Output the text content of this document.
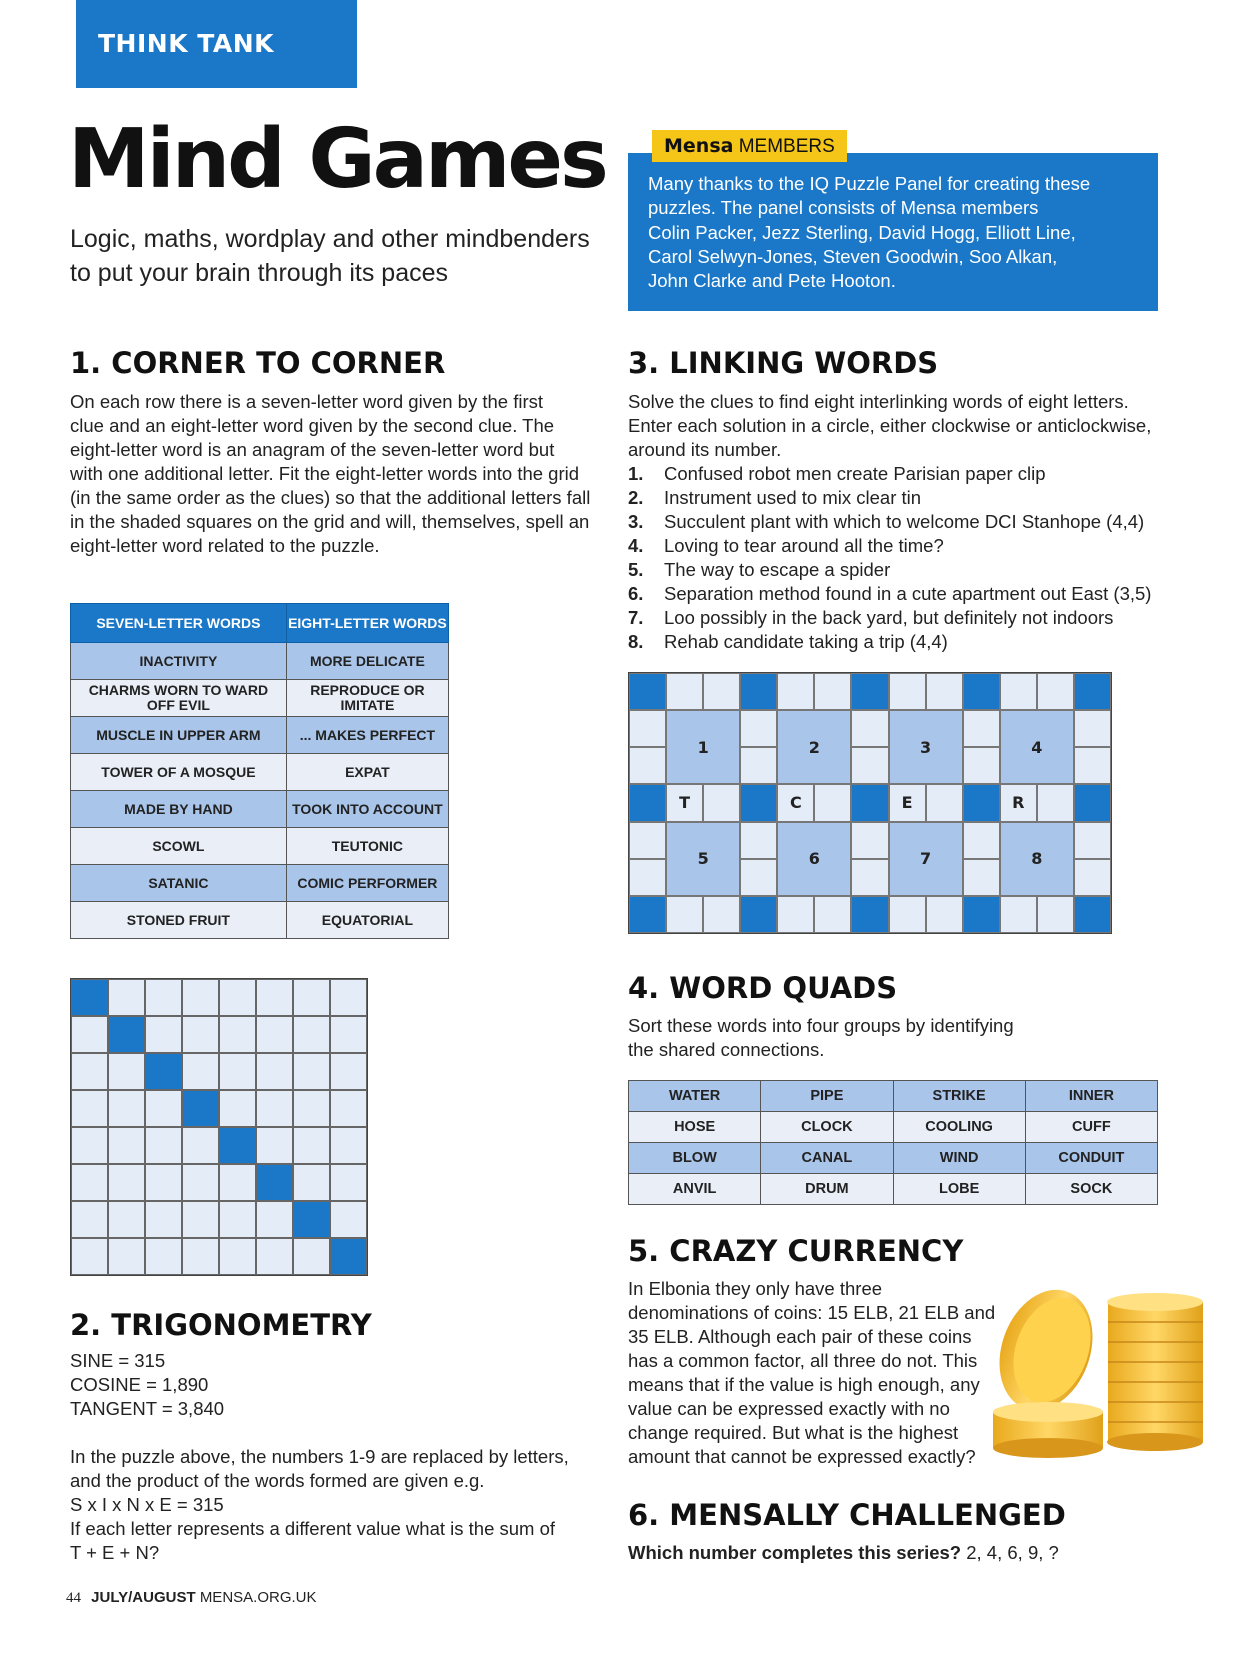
THINK TANK
Mind Games
Logic, maths, wordplay and other mindbenders to put your brain through its paces
Mensa MEMBERS
Many thanks to the IQ Puzzle Panel for creating these
puzzles. The panel consists of Mensa members
Colin Packer, Jezz Sterling, David Hogg, Elliott Line,
Carol Selwyn-Jones, Steven Goodwin, Soo Alkan,
John Clarke and Pete Hooton.
1. CORNER TO CORNER

On each row there is a seven-letter word given by the first

clue and an eight-letter word given by the second clue. The

eight-letter word is an anagram of the seven-letter word but

with one additional letter. Fit the eight-letter words into the grid

(in the same order as the clues) so that the additional letters fall

in the shaded squares on the grid and will, themselves, spell an

eight-letter word related to the puzzle.

SEVEN-LETTER WORDS	EIGHT-LETTER WORDS
INACTIVITY	MORE DELICATE
CHARMS WORN TO WARD OFF EVIL	REPRODUCE OR IMITATE
MUSCLE IN UPPER ARM	... MAKES PERFECT
TOWER OF A MOSQUE	EXPAT
MADE BY HAND	TOOK INTO ACCOUNT
SCOWL	TEUTONIC
SATANIC	COMIC PERFORMER
STONED FRUIT	EQUATORIAL
2. TRIGONOMETRY

SINE = 315

COSINE = 1,890

TANGENT = 3,840

In the puzzle above, the numbers 1-9 are replaced by letters,

and the product of the words formed are given e.g.

S x I x N x E = 315

If each letter represents a different value what is the sum of

T + E + N?

3. LINKING WORDS

Solve the clues to find eight interlinking words of eight letters.

Enter each solution in a circle, either clockwise or anticlockwise,

around its number.

1.	Confused robot men create Parisian paper clip
2.	Instrument used to mix clear tin
3.	Succulent plant with which to welcome DCI Stanhope (4,4)
4.	Loving to tear around all the time?
5.	The way to escape a spider
6.	Separation method found in a cute apartment out East (3,5)
7.	Loo possibly in the back yard, but definitely not indoors
8.	Rehab candidate taking a trip (4,4)
T	C	E	R
1	2	3	4
5	6	7	8
4. WORD QUADS

Sort these words into four groups by identifying

the shared connections.

WATER	PIPE	STRIKE	INNER
HOSE	CLOCK	COOLING	CUFF
BLOW	CANAL	WIND	CONDUIT
ANVIL	DRUM	LOBE	SOCK
5. CRAZY CURRENCY

In Elbonia they only have three

denominations of coins: 15 ELB, 21 ELB and

35 ELB. Although each pair of these coins

has a common factor, all three do not. This

means that if the value is high enough, any

value can be expressed exactly with no

change required. But what is the highest

amount that cannot be expressed exactly?

6. MENSALLY CHALLENGED
Which number completes this series? 2, 4, 6, 9, ?
44 JULY/AUGUST MENSA.ORG.UK
